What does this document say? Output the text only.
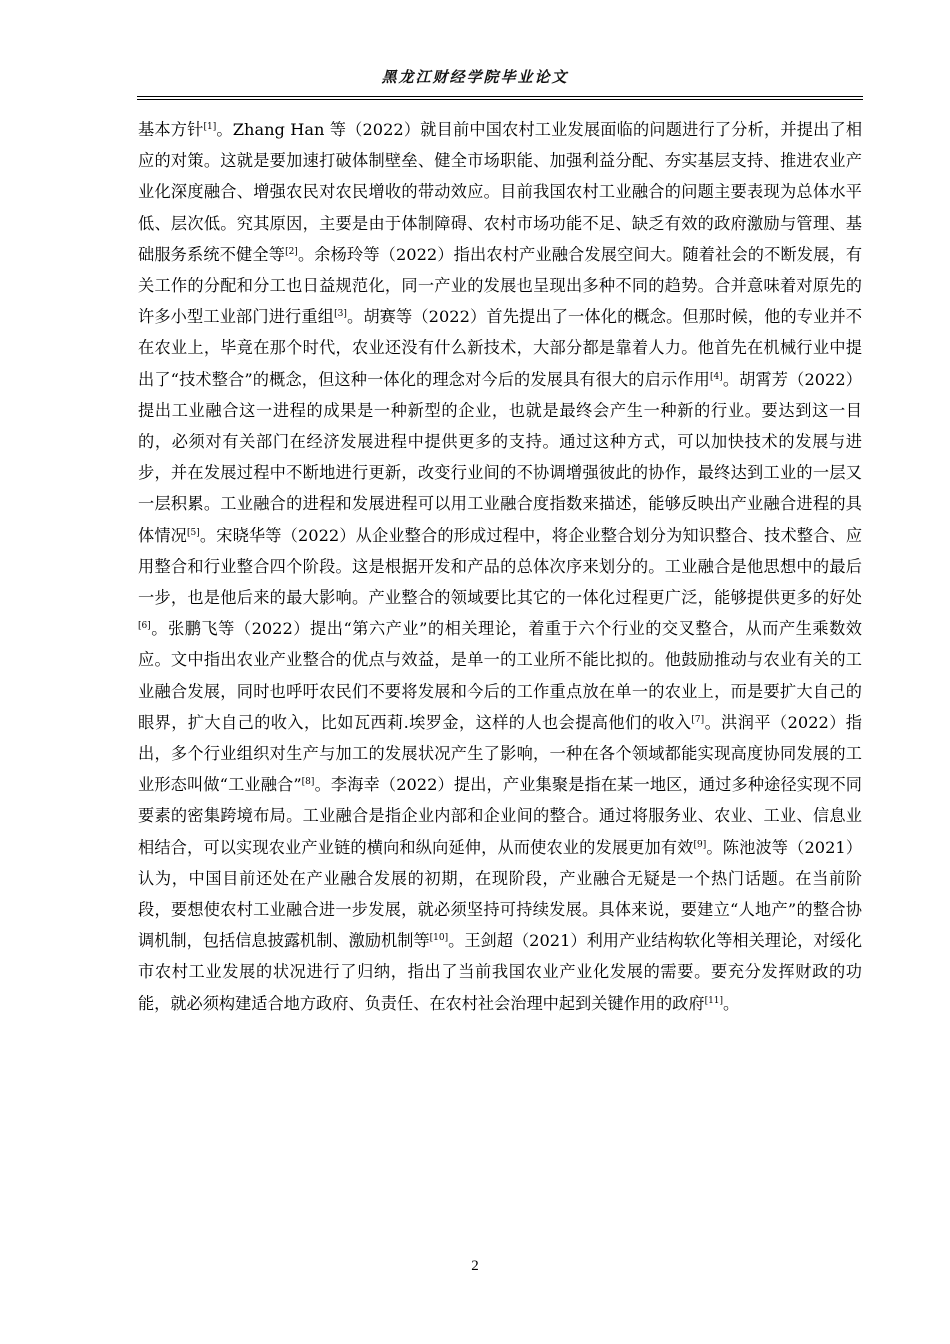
黑龙江财经学院毕业论文

基本方针[1]。Zhang Han 等（2022）就目前中国农村工业发展面临的问题进行了分析，并提出了相应的对策。这就是要加速打破体制壁垒、健全市场职能、加强利益分配、夯实基层支持、推进农业产业化深度融合、增强农民对农民增收的带动效应。目前我国农村工业融合的问题主要表现为总体水平低、层次低。究其原因，主要是由于体制障碍、农村市场功能不足、缺乏有效的政府激励与管理、基础服务系统不健全等[2]。余杨玲等（2022）指出农村产业融合发展空间大。随着社会的不断发展，有关工作的分配和分工也日益规范化，同一产业的发展也呈现出多种不同的趋势。合并意味着对原先的许多小型工业部门进行重组[3]。胡赛等（2022）首先提出了一体化的概念。但那时候，他的专业并不在农业上，毕竟在那个时代，农业还没有什么新技术，大部分都是靠着人力。他首先在机械行业中提出了“技术整合”的概念，但这种一体化的理念对今后的发展具有很大的启示作用[4]。胡霄芳（2022）提出工业融合这一进程的成果是一种新型的企业，也就是最终会产生一种新的行业。要达到这一目的，必须对有关部门在经济发展进程中提供更多的支持。通过这种方式，可以加快技术的发展与进步，并在发展过程中不断地进行更新，改变行业间的不协调增强彼此的协作，最终达到工业的一层又一层积累。工业融合的进程和发展进程可以用工业融合度指数来描述，能够反映出产业融合进程的具体情况[5]。宋晓华等（2022）从企业整合的形成过程中，将企业整合划分为知识整合、技术整合、应用整合和行业整合四个阶段。这是根据开发和产品的总体次序来划分的。工业融合是他思想中的最后一步，也是他后来的最大影响。产业整合的领域要比其它的一体化过程更广泛，能够提供更多的好处[6]。张鹏飞等（2022）提出“第六产业”的相关理论，着重于六个行业的交叉整合，从而产生乘数效应。文中指出农业产业整合的优点与效益，是单一的工业所不能比拟的。他鼓励推动与农业有关的工业融合发展，同时也呼吁农民们不要将发展和今后的工作重点放在单一的农业上，而是要扩大自己的眼界，扩大自己的收入，比如瓦西莉.埃罗金，这样的人也会提高他们的收入[7]。洪润平（2022）指出，多个行业组织对生产与加工的发展状况产生了影响，一种在各个领域都能实现高度协同发展的工业形态叫做“工业融合”[8]。李海幸（2022）提出，产业集聚是指在某一地区，通过多种途径实现不同要素的密集跨境布局。工业融合是指企业内部和企业间的整合。通过将服务业、农业、工业、信息业相结合，可以实现农业产业链的横向和纵向延伸，从而使农业的发展更加有效[9]。陈池波等（2021）认为，中国目前还处在产业融合发展的初期，在现阶段，产业融合无疑是一个热门话题。在当前阶段，要想使农村工业融合进一步发展，就必须坚持可持续发展。具体来说，要建立“人地产”的整合协调机制，包括信息披露机制、激励机制等[10]。王剑超（2021）利用产业结构软化等相关理论，对绥化市农村工业发展的状况进行了归纳，指出了当前我国农业产业化发展的需要。要充分发挥财政的功能，就必须构建适合地方政府、负责任、在农村社会治理中起到关键作用的政府[11]。

2
